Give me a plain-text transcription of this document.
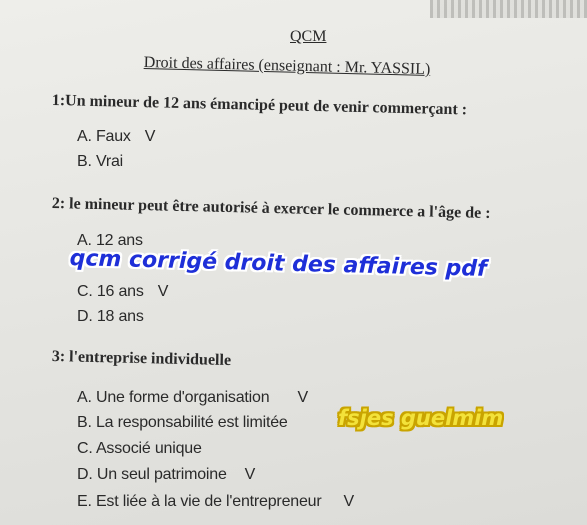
QCM
Droit des affaires (enseignant : Mr. YASSIL)
1:Un mineur de 12 ans émancipé peut de venir commerçant :
A. Faux V
B. Vrai
2: le mineur peut être autorisé à exercer le commerce a l'âge de :
A. 12 ans
C. 16 ans V
D. 18 ans
3: l'entreprise individuelle
A. Une forme d'organisation V
B. La responsabilité est limitée
C. Associé unique
D. Un seul patrimoine V
E. Est liée à la vie de l'entrepreneur V
qcm corrigé droit des affaires pdf
fsjes guelmim
